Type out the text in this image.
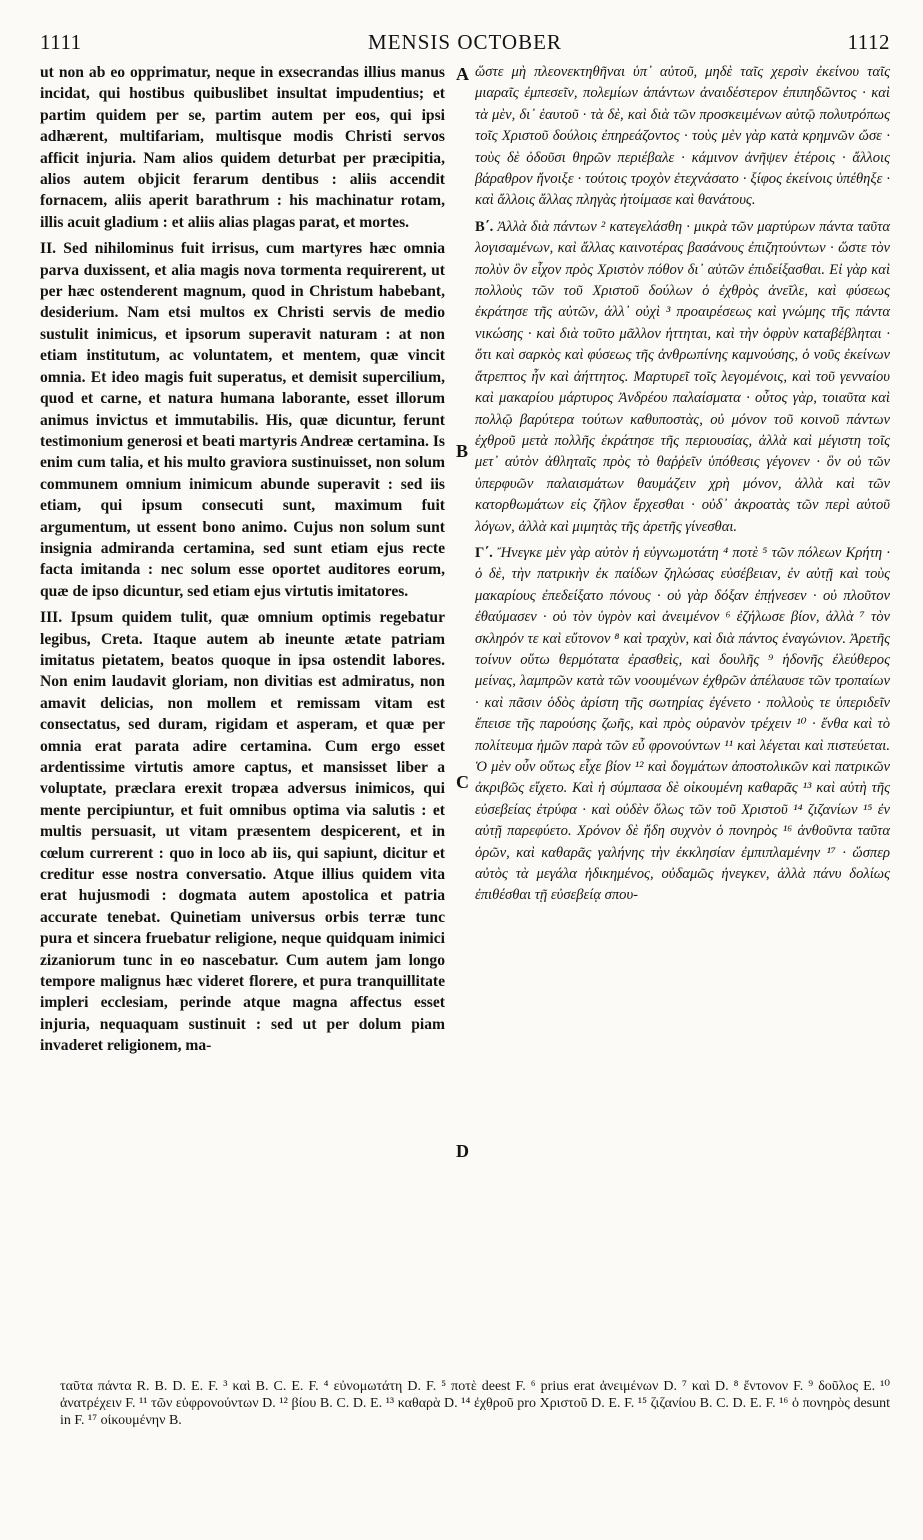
1111	MENSIS OCTOBER	1112

ut non ab eo opprimatur, neque in exsecrandas illius manus incidat, qui hostibus quibuslibet insultat impudentius; et partim quidem per se, partim autem per eos, qui ipsi adhærent, multifariam, multisque modis Christi servos afficit injuria. Nam alios quidem deturbat per præcipitia, alios autem objicit ferarum dentibus : aliis accendit fornacem, aliis aperit barathrum : his machinatur rotam, illis acuit gladium : et aliis alias plagas parat, et mortes.

II. Sed nihilominus fuit irrisus, cum martyres hæc omnia parva duxissent, et alia magis nova tormenta requirerent, ut per hæc ostenderent magnum, quod in Christum habebant, desiderium. Nam etsi multos ex Christi servis de medio sustulit inimicus, et ipsorum superavit naturam : at non etiam institutum, ac voluntatem, et mentem, quæ vincit omnia. Et ideo magis fuit superatus, et demisit supercilium, quod et carne, et natura humana laborante, esset illorum animus invictus et immutabilis. His, quæ dicuntur, ferunt testimonium generosi et beati martyris Andreæ certamina. Is enim cum talia, et his multo graviora sustinuisset, non solum communem omnium inimicum abunde superavit : sed iis etiam, qui ipsum consecuti sunt, maximum fuit argumentum, ut essent bono animo. Cujus non solum sunt insignia admiranda certamina, sed sunt etiam ejus recte facta imitanda : nec solum esse oportet auditores eorum, quæ de ipso dicuntur, sed etiam ejus virtutis imitatores.

III. Ipsum quidem tulit, quæ omnium optimis regebatur legibus, Creta. Itaque autem ab ineunte ætate patriam imitatus pietatem, beatos quoque in ipsa ostendit labores. Non enim laudavit gloriam, non divitias est admiratus, non amavit delicias, non mollem et remissam vitam est consectatus, sed duram, rigidam et asperam, et quæ per omnia erat parata adire certamina. Cum ergo esset ardentissime virtutis amore captus, et mansisset liber a voluptate, præclara erexit tropæa adversus inimicos, qui mente percipiuntur, et fuit omnibus optima via salutis : et multis persuasit, ut vitam præsentem despicerent, et in cœlum currerent : quo in loco ab iis, qui sapiunt, dicitur et creditur esse nostra conversatio. Atque illius quidem vita erat hujusmodi : dogmata autem apostolica et patria accurate tenebat. Quinetiam universus orbis terræ tunc pura et sincera fruebatur religione, neque quidquam inimici zizaniorum tunc in eo nascebatur. Cum autem jam longo tempore malignus hæc videret florere, et pura tranquillitate impleri ecclesiam, perinde atque magna affectus esset injuria, nequaquam sustinuit : sed ut per dolum piam invaderet religionem, ma-

A
B
C
D

ὥστε μὴ πλεονεκτηθῆναι ὑπ᾽ αὐτοῦ, μηδὲ ταῖς χερσὶν ἐκείνου ταῖς μιαραῖς ἐμπεσεῖν, πολεμίων ἁπάντων ἀναιδέστερον ἐπιπηδῶντος · καὶ τὰ μὲν, δι᾽ ἑαυτοῦ · τὰ δὲ, καὶ διὰ τῶν προσκειμένων αὐτῷ πολυτρόπως τοῖς Χριστοῦ δούλοις ἐπηρεάζοντος · τοὺς μὲν γὰρ κατὰ κρημνῶν ὤσε · τοὺς δὲ ὀδοῦσι θηρῶν περιέβαλε · κάμινον ἀνῆψεν ἑτέροις · ἄλλοις βάραθρον ἤνοιξε · τούτοις τροχὸν ἐτεχνάσατο · ξίφος ἐκείνοις ὑπέθηξε · καὶ ἄλλοις ἄλλας πληγὰς ἡτοίμασε καὶ θανάτους.

Β΄. Ἀλλὰ διὰ πάντων ² κατεγελάσθη · μικρὰ τῶν μαρτύρων πάντα ταῦτα λογισαμένων, καὶ ἄλλας καινοτέρας βασάνους ἐπιζητούντων · ὥστε τὸν πολὺν ὃν εἶχον πρὸς Χριστὸν πόθον δι᾽ αὐτῶν ἐπιδείξασθαι. Εἰ γὰρ καὶ πολλοὺς τῶν τοῦ Χριστοῦ δούλων ὁ ἐχθρὸς ἀνεῖλε, καὶ φύσεως ἐκράτησε τῆς αὐτῶν, ἀλλ᾽ οὐχὶ ³ προαιρέσεως καὶ γνώμης τῆς πάντα νικώσης · καὶ διὰ τοῦτο μᾶλλον ἡττηται, καὶ τὴν ὀφρὺν καταβέβληται · ὅτι καὶ σαρκὸς καὶ φύσεως τῆς ἀνθρωπίνης καμνούσης, ὁ νοῦς ἐκείνων ἄτρεπτος ἦν καὶ ἀήττητος. Μαρτυρεῖ τοῖς λεγομένοις, καὶ τοῦ γενναίου καὶ μακαρίου μάρτυρος Ἀνδρέου παλαίσματα · οὗτος γὰρ, τοιαῦτα καὶ πολλῷ βαρύτερα τούτων καθυποστὰς, οὐ μόνον τοῦ κοινοῦ πάντων ἐχθροῦ μετὰ πολλῆς ἐκράτησε τῆς περιουσίας, ἀλλὰ καὶ μέγιστη τοῖς μετ᾽ αὐτὸν ἀθληταῖς πρὸς τὸ θαῤῥεῖν ὑπόθεσις γέγονεν · ὃν οὐ τῶν ὑπερφυῶν παλαισμάτων θαυμάζειν χρὴ μόνον, ἀλλὰ καὶ τῶν κατορθωμάτων εἰς ζῆλον ἔρχεσθαι · οὐδ᾽ ἀκροατὰς τῶν περὶ αὐτοῦ λόγων, ἀλλὰ καὶ μιμητὰς τῆς ἀρετῆς γίνεσθαι.

Γ΄. Ἤνεγκε μὲν γὰρ αὐτὸν ἡ εὐγνωμοτάτη ⁴ ποτὲ ⁵ τῶν πόλεων Κρήτη · ὁ δὲ, τὴν πατρικὴν ἐκ παίδων ζηλώσας εὐσέβειαν, ἐν αὐτῇ καὶ τοὺς μακαρίους ἐπεδείξατο πόνους · οὐ γὰρ δόξαν ἐπῄνεσεν · οὐ πλοῦτον ἐθαύμασεν · οὐ τὸν ὑγρὸν καὶ ἀνειμένον ⁶ ἐζήλωσε βίον, ἀλλὰ ⁷ τὸν σκληρόν τε καὶ εὔτονον ⁸ καὶ τραχὺν, καὶ διὰ πάντος ἐναγώνιον. Ἀρετῆς τοίνυν οὕτω θερμότατα ἐρασθεὶς, καὶ δουλῆς ⁹ ἡδονῆς ἐλεύθερος μείνας, λαμπρῶν κατὰ τῶν νοουμένων ἐχθρῶν ἀπέλαυσε τῶν τροπαίων · καὶ πᾶσιν ὁδὸς ἀρίστη τῆς σωτηρίας ἐγένετο · πολλοὺς τε ὑπεριδεῖν ἔπεισε τῆς παρούσης ζωῆς, καὶ πρὸς οὐρανὸν τρέχειν ¹⁰ · ἔνθα καὶ τὸ πολίτευμα ἡμῶν παρὰ τῶν εὖ φρονούντων ¹¹ καὶ λέγεται καὶ πιστεύεται. Ὁ μὲν οὖν οὕτως εἶχε βίον ¹² καὶ δογμάτων ἀποστολικῶν καὶ πατρικῶν ἀκριβῶς εἴχετο. Καὶ ἡ σύμπασα δὲ οἰκουμένη καθαρᾶς ¹³ καὶ αὐτὴ τῆς εὐσεβείας ἐτρύφα · καὶ οὐδὲν ὅλως τῶν τοῦ Χριστοῦ ¹⁴ ζιζανίων ¹⁵ ἐν αὐτῇ παρεφύετο. Χρόνον δὲ ἤδη συχνὸν ὁ πονηρὸς ¹⁶ ἀνθοῦντα ταῦτα ὁρῶν, καὶ καθαρᾶς γαλήνης τὴν ἐκκλησίαν ἐμπιπλαμένην ¹⁷ · ὥσπερ αὐτὸς τὰ μεγάλα ἠδικημένος, οὐδαμῶς ἠνεγκεν, ἀλλὰ πάνυ δολίως ἐπιθέσθαι τῇ εὐσεβείᾳ σπου-

ταῦτα πάντα R. B. D. E. F. ³ καὶ B. C. E. F. ⁴ εὐνομωτάτη D. F. ⁵ ποτὲ deest F. ⁶ prius erat ἀνειμένων D. ⁷ καὶ D. ⁸ ἔντονον F. ⁹ δοῦλος E. ¹⁰ ἀνατρέχειν F. ¹¹ τῶν εὐφρονούντων D. ¹² βίου B. C. D. E. ¹³ καθαρὰ D. ¹⁴ ἐχθροῦ pro Χριστοῦ D. E. F. ¹⁵ ζιζανίου B. C. D. E. F. ¹⁶ ὁ πονηρὸς desunt in F. ¹⁷ οἰκουμένην B.
